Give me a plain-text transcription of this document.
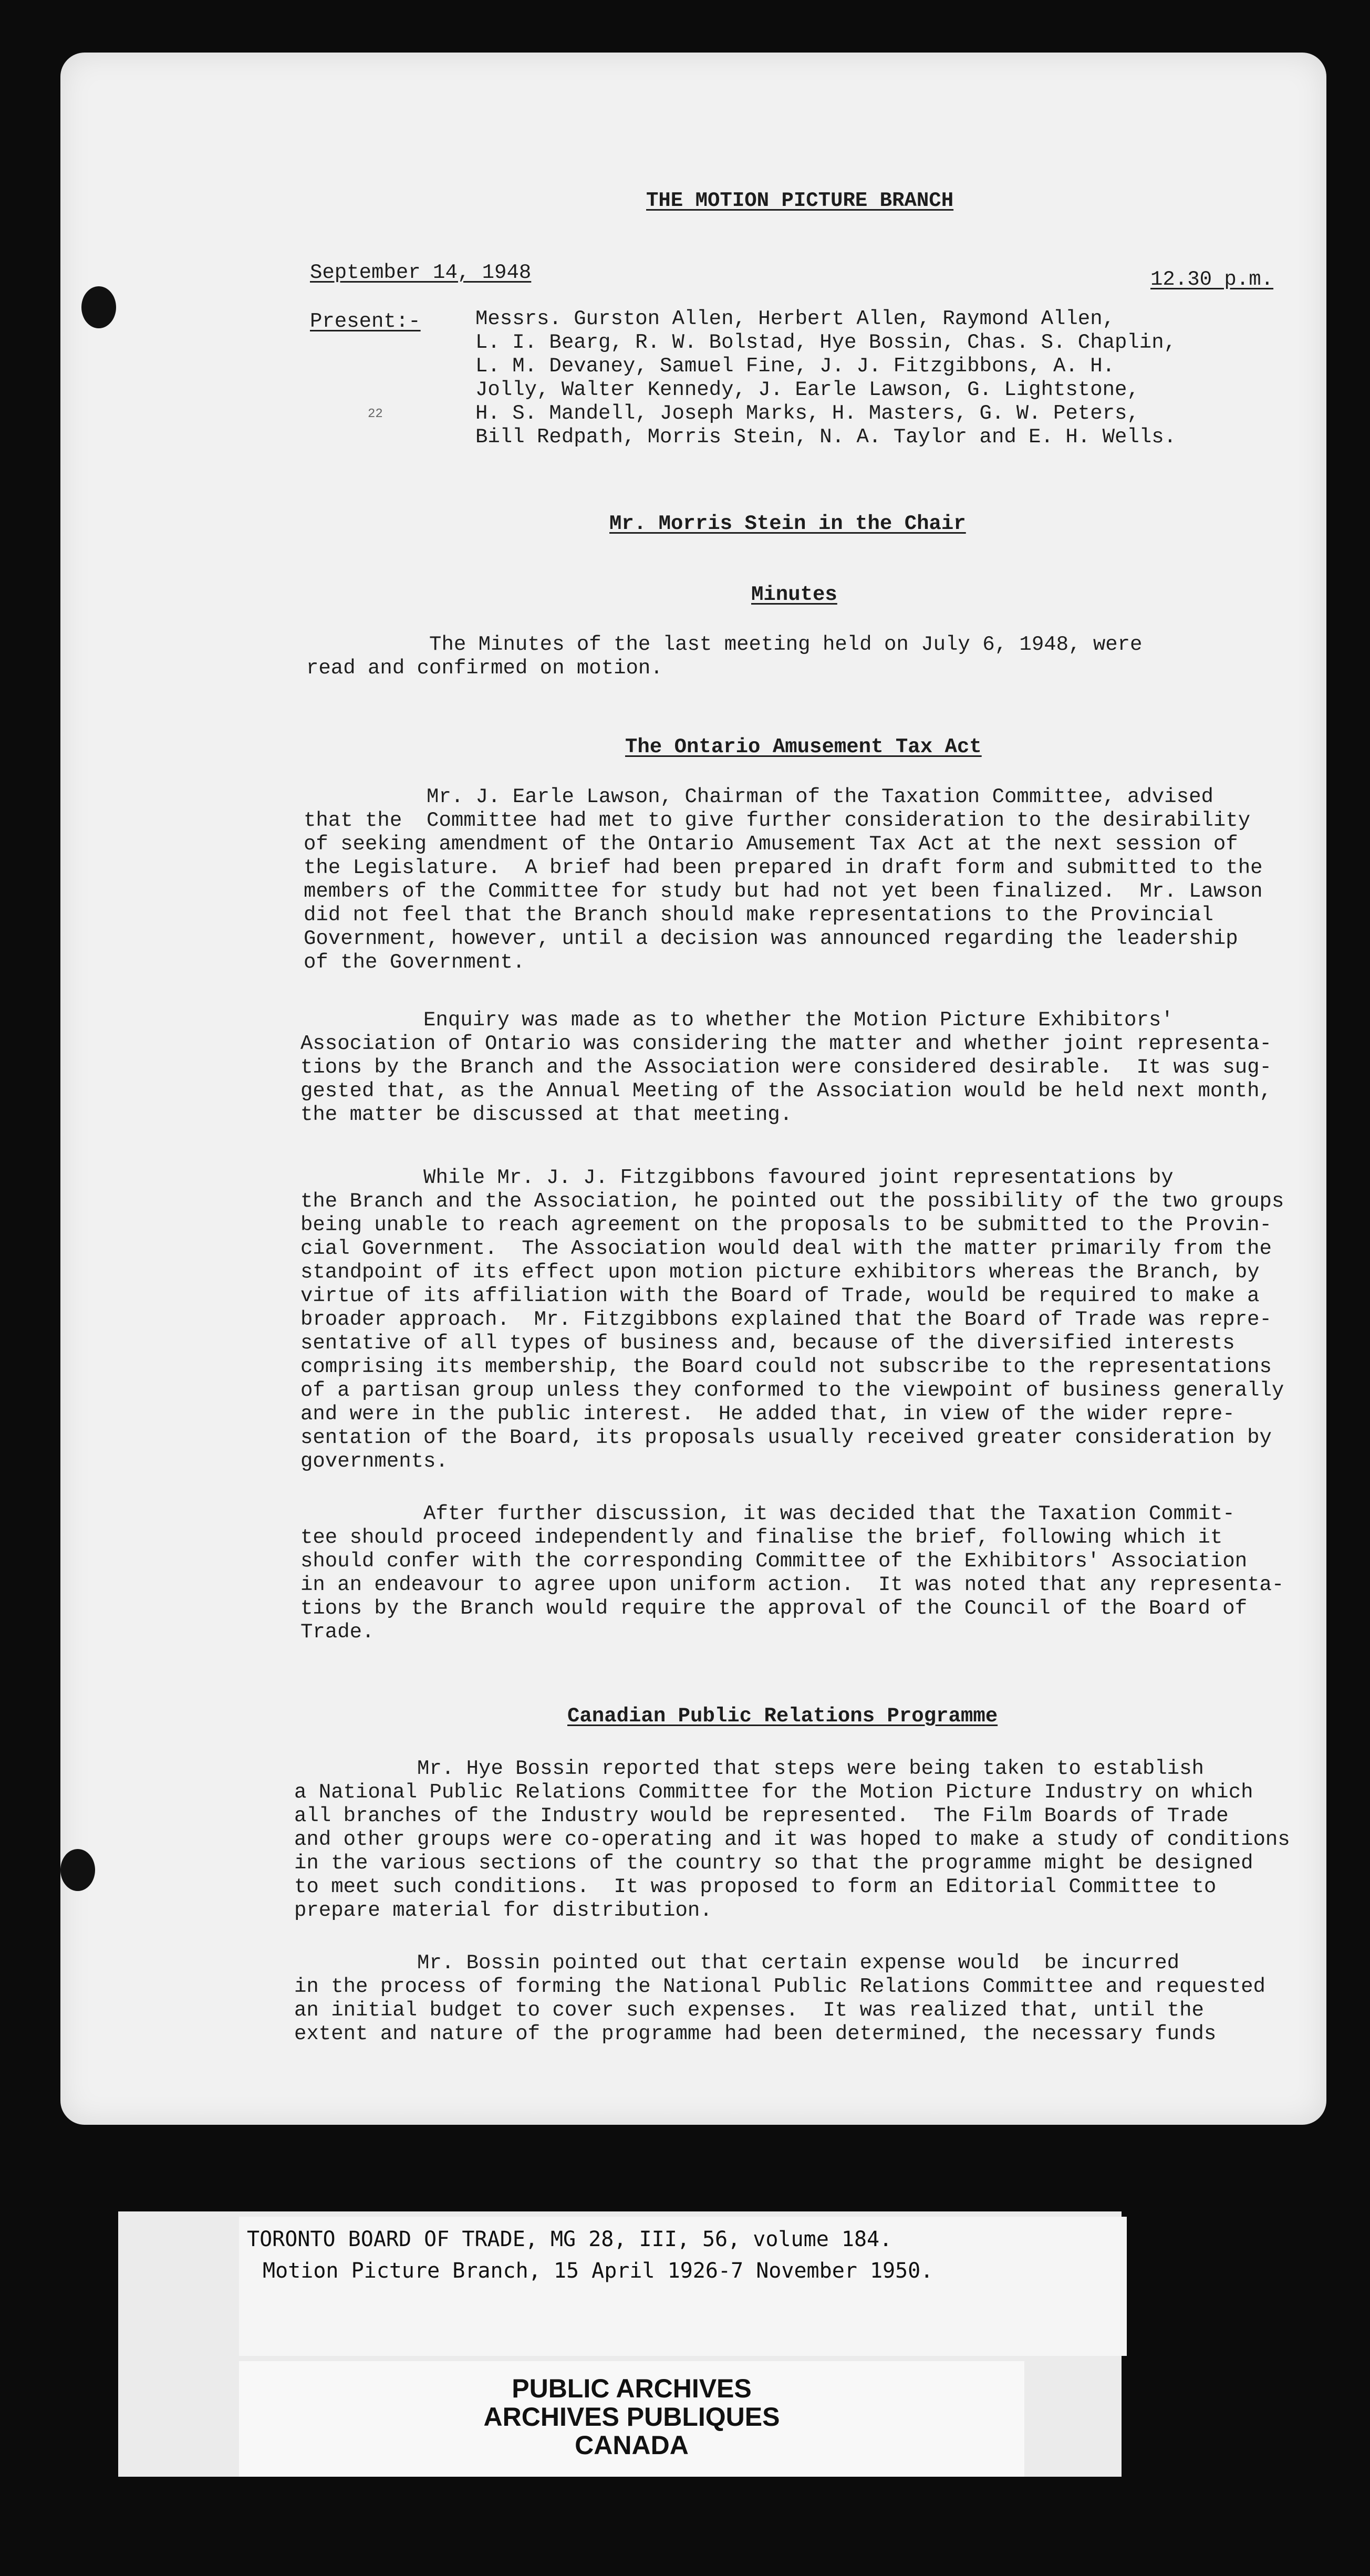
THE MOTION PICTURE BRANCH
September 14, 1948	12.30 p.m.
Present:-	Messrs. Gurston Allen, Herbert Allen, Raymond Allen,

L. I. Bearg, R. W. Bolstad, Hye Bossin, Chas. S. Chaplin,

L. M. Devaney, Samuel Fine, J. J. Fitzgibbons, A. H.

Jolly, Walter Kennedy, J. Earle Lawson, G. Lightstone,

H. S. Mandell, Joseph Marks, H. Masters, G. W. Peters,

Bill Redpath, Morris Stein, N. A. Taylor and E. H. Wells.

22
Mr. Morris Stein in the Chair
Minutes

The Minutes of the last meeting held on July 6, 1948, were

read and confirmed on motion.

The Ontario Amusement Tax Act

Mr. J. Earle Lawson, Chairman of the Taxation Committee, advised

that the  Committee had met to give further consideration to the desirability

of seeking amendment of the Ontario Amusement Tax Act at the next session of

the Legislature.  A brief had been prepared in draft form and submitted to the

members of the Committee for study but had not yet been finalized.  Mr. Lawson

did not feel that the Branch should make representations to the Provincial

Government, however, until a decision was announced regarding the leadership

of the Government.

Enquiry was made as to whether the Motion Picture Exhibitors'

Association of Ontario was considering the matter and whether joint representa-

tions by the Branch and the Association were considered desirable.  It was sug-

gested that, as the Annual Meeting of the Association would be held next month,

the matter be discussed at that meeting.

While Mr. J. J. Fitzgibbons favoured joint representations by

the Branch and the Association, he pointed out the possibility of the two groups

being unable to reach agreement on the proposals to be submitted to the Provin-

cial Government.  The Association would deal with the matter primarily from the

standpoint of its effect upon motion picture exhibitors whereas the Branch, by

virtue of its affiliation with the Board of Trade, would be required to make a

broader approach.  Mr. Fitzgibbons explained that the Board of Trade was repre-

sentative of all types of business and, because of the diversified interests

comprising its membership, the Board could not subscribe to the representations

of a partisan group unless they conformed to the viewpoint of business generally

and were in the public interest.  He added that, in view of the wider repre-

sentation of the Board, its proposals usually received greater consideration by

governments.

After further discussion, it was decided that the Taxation Commit-

tee should proceed independently and finalise the brief, following which it

should confer with the corresponding Committee of the Exhibitors' Association

in an endeavour to agree upon uniform action.  It was noted that any representa-

tions by the Branch would require the approval of the Council of the Board of

Trade.

Canadian Public Relations Programme

Mr. Hye Bossin reported that steps were being taken to establish

a National Public Relations Committee for the Motion Picture Industry on which

all branches of the Industry would be represented.  The Film Boards of Trade

and other groups were co-operating and it was hoped to make a study of conditions

in the various sections of the country so that the programme might be designed

to meet such conditions.  It was proposed to form an Editorial Committee to

prepare material for distribution.

Mr. Bossin pointed out that certain expense would  be incurred

in the process of forming the National Public Relations Committee and requested

an initial budget to cover such expenses.  It was realized that, until the

extent and nature of the programme had been determined, the necessary funds

TORONTO BOARD OF TRADE, MG 28, III, 56, volume 184.
Motion Picture Branch, 15 April 1926-7 November 1950.
PUBLIC ARCHIVES
ARCHIVES PUBLIQUES
CANADA
